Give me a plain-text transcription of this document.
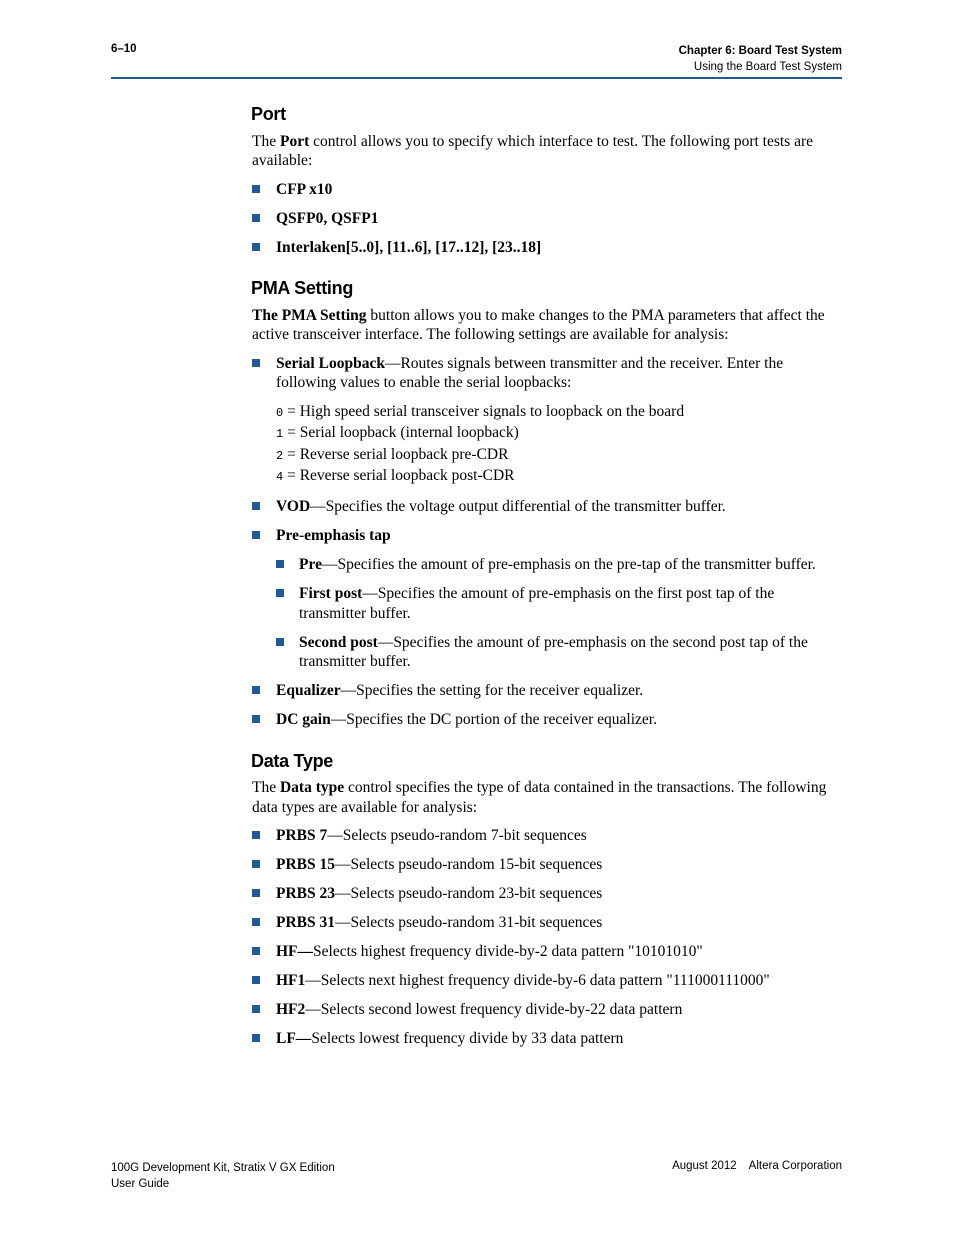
6–10	Chapter 6: Board Test System
Using the Board Test System
Port

The Port control allows you to specify which interface to test. The following port tests are available:

CFP x10
QSFP0, QSFP1
Interlaken[5..0], [11..6], [17..12], [23..18]
PMA Setting

The PMA Setting button allows you to make changes to the PMA parameters that affect the active transceiver interface. The following settings are available for analysis:

Serial Loopback—Routes signals between transmitter and the receiver. Enter the following values to enable the serial loopbacks:
0 = High speed serial transceiver signals to loopback on the board
1 = Serial loopback (internal loopback)
2 = Reverse serial loopback pre-CDR
4 = Reverse serial loopback post-CDR
VOD—Specifies the voltage output differential of the transmitter buffer.
Pre-emphasis tap
Pre—Specifies the amount of pre-emphasis on the pre-tap of the transmitter buffer.
First post—Specifies the amount of pre-emphasis on the first post tap of the transmitter buffer.
Second post—Specifies the amount of pre-emphasis on the second post tap of the transmitter buffer.
Equalizer—Specifies the setting for the receiver equalizer.
DC gain—Specifies the DC portion of the receiver equalizer.
Data Type

The Data type control specifies the type of data contained in the transactions. The following data types are available for analysis:

PRBS 7—Selects pseudo-random 7-bit sequences
PRBS 15—Selects pseudo-random 15-bit sequences
PRBS 23—Selects pseudo-random 23-bit sequences
PRBS 31—Selects pseudo-random 31-bit sequences
HF—Selects highest frequency divide-by-2 data pattern "10101010"
HF1—Selects next highest frequency divide-by-6 data pattern "111000111000"
HF2—Selects second lowest frequency divide-by-22 data pattern
LF—Selects lowest frequency divide by 33 data pattern
100G Development Kit, Stratix V GX Edition
User Guide
August 2012 Altera Corporation
